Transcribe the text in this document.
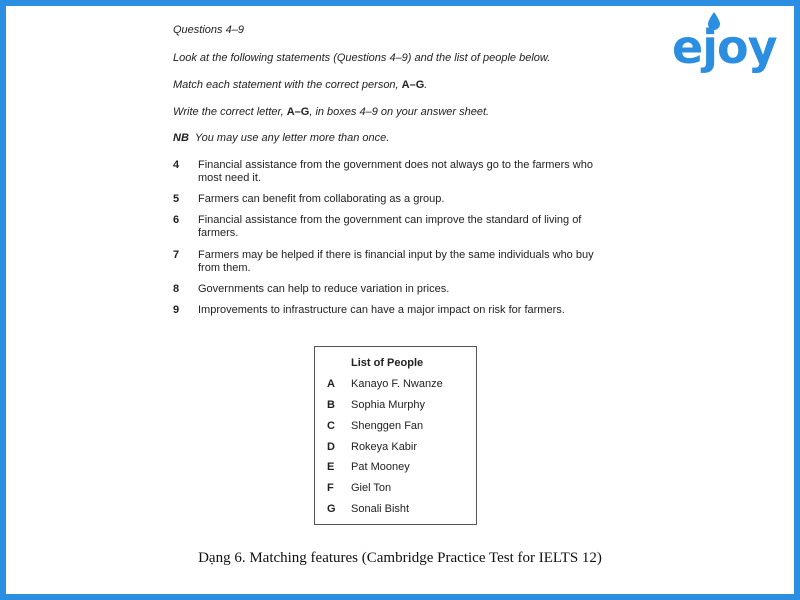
ejoy
Questions 4–9
Look at the following statements (Questions 4–9) and the list of people below.
Match each statement with the correct person, A–G.
Write the correct letter, A–G, in boxes 4–9 on your answer sheet.
NB You may use any letter more than once.
4	Financial assistance from the government does not always go to the farmers who most need it.
5	Farmers can benefit from collaborating as a group.
6	Financial assistance from the government can improve the standard of living of farmers.
7	Farmers may be helped if there is financial input by the same individuals who buy from them.
8	Governments can help to reduce variation in prices.
9	Improvements to infrastructure can have a major impact on risk for farmers.
List of People
A Kanayo F. Nwanze
B Sophia Murphy
C Shenggen Fan
D Rokeya Kabir
E Pat Mooney
F Giel Ton
G Sonali Bisht
Dạng 6. Matching features (Cambridge Practice Test for IELTS 12)
